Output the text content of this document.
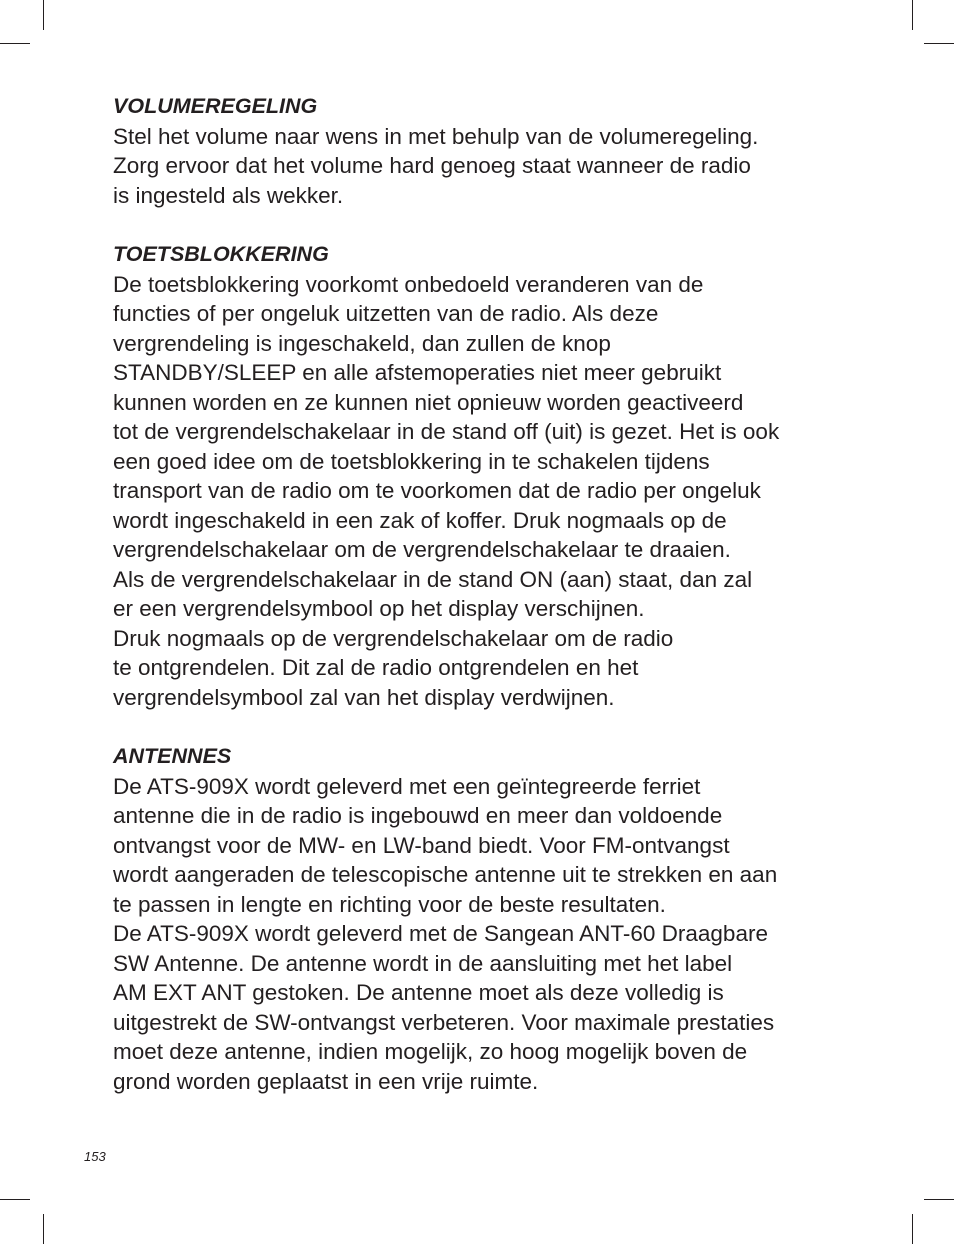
VOLUMEREGELING

Stel het volume naar wens in met behulp van de volumeregeling.

Zorg ervoor dat het volume hard genoeg staat wanneer de radio

is ingesteld als wekker.

TOETSBLOKKERING

De toetsblokkering voorkomt onbedoeld veranderen van de

functies of per ongeluk uitzetten van de radio. Als deze

vergrendeling is ingeschakeld, dan zullen de knop

STANDBY/SLEEP en alle afstemoperaties niet meer gebruikt

kunnen worden en ze kunnen niet opnieuw worden geactiveerd

tot de vergrendelschakelaar in de stand off (uit) is gezet. Het is ook

een goed idee om de toetsblokkering in te schakelen tijdens

transport van de radio om te voorkomen dat de radio per ongeluk

wordt ingeschakeld in een zak of koffer. Druk nogmaals op de

vergrendelschakelaar om de vergrendelschakelaar te draaien.

Als de vergrendelschakelaar in de stand ON (aan) staat, dan zal

er een vergrendelsymbool op het display verschijnen.

Druk nogmaals op de vergrendelschakelaar om de radio

te ontgrendelen. Dit zal de radio ontgrendelen en het

vergrendelsymbool zal van het display verdwijnen.

ANTENNES

De ATS-909X wordt geleverd met een geïntegreerde ferriet

antenne die in de radio is ingebouwd en meer dan voldoende

ontvangst voor de MW- en LW-band biedt. Voor FM-ontvangst

wordt aangeraden de telescopische antenne uit te strekken en aan

te passen in lengte en richting voor de beste resultaten.

De ATS-909X wordt geleverd met de Sangean ANT-60 Draagbare

SW Antenne. De antenne wordt in de aansluiting met het label

AM EXT ANT gestoken. De antenne moet als deze volledig is

uitgestrekt de SW-ontvangst verbeteren. Voor maximale prestaties

moet deze antenne, indien mogelijk, zo hoog mogelijk boven de

grond worden geplaatst in een vrije ruimte.

153
